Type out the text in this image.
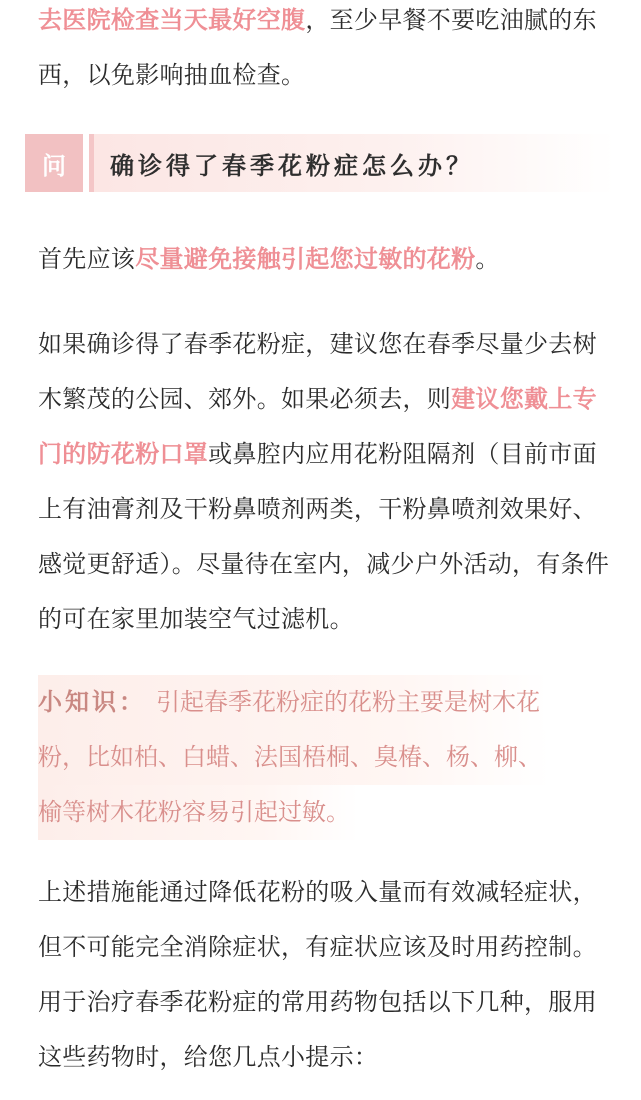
去医院检查当天最好空腹，至少早餐不要吃油腻的东西，以免影响抽血检查。

问	确诊得了春季花粉症怎么办？

首先应该尽量避免接触引起您过敏的花粉。

如果确诊得了春季花粉症，建议您在春季尽量少去树木繁茂的公园、郊外。如果必须去，则建议您戴上专门的防花粉口罩或鼻腔内应用花粉阻隔剂（目前市面上有油膏剂及干粉鼻喷剂两类，干粉鼻喷剂效果好、感觉更舒适）。尽量待在室内，减少户外活动，有条件的可在家里加装空气过滤机。

小知识： 引起春季花粉症的花粉主要是树木花
粉，比如柏、白蜡、法国梧桐、臭椿、杨、柳、
榆等树木花粉容易引起过敏。

上述措施能通过降低花粉的吸入量而有效减轻症状，但不可能完全消除症状，有症状应该及时用药控制。用于治疗春季花粉症的常用药物包括以下几种，服用这些药物时，给您几点小提示：
